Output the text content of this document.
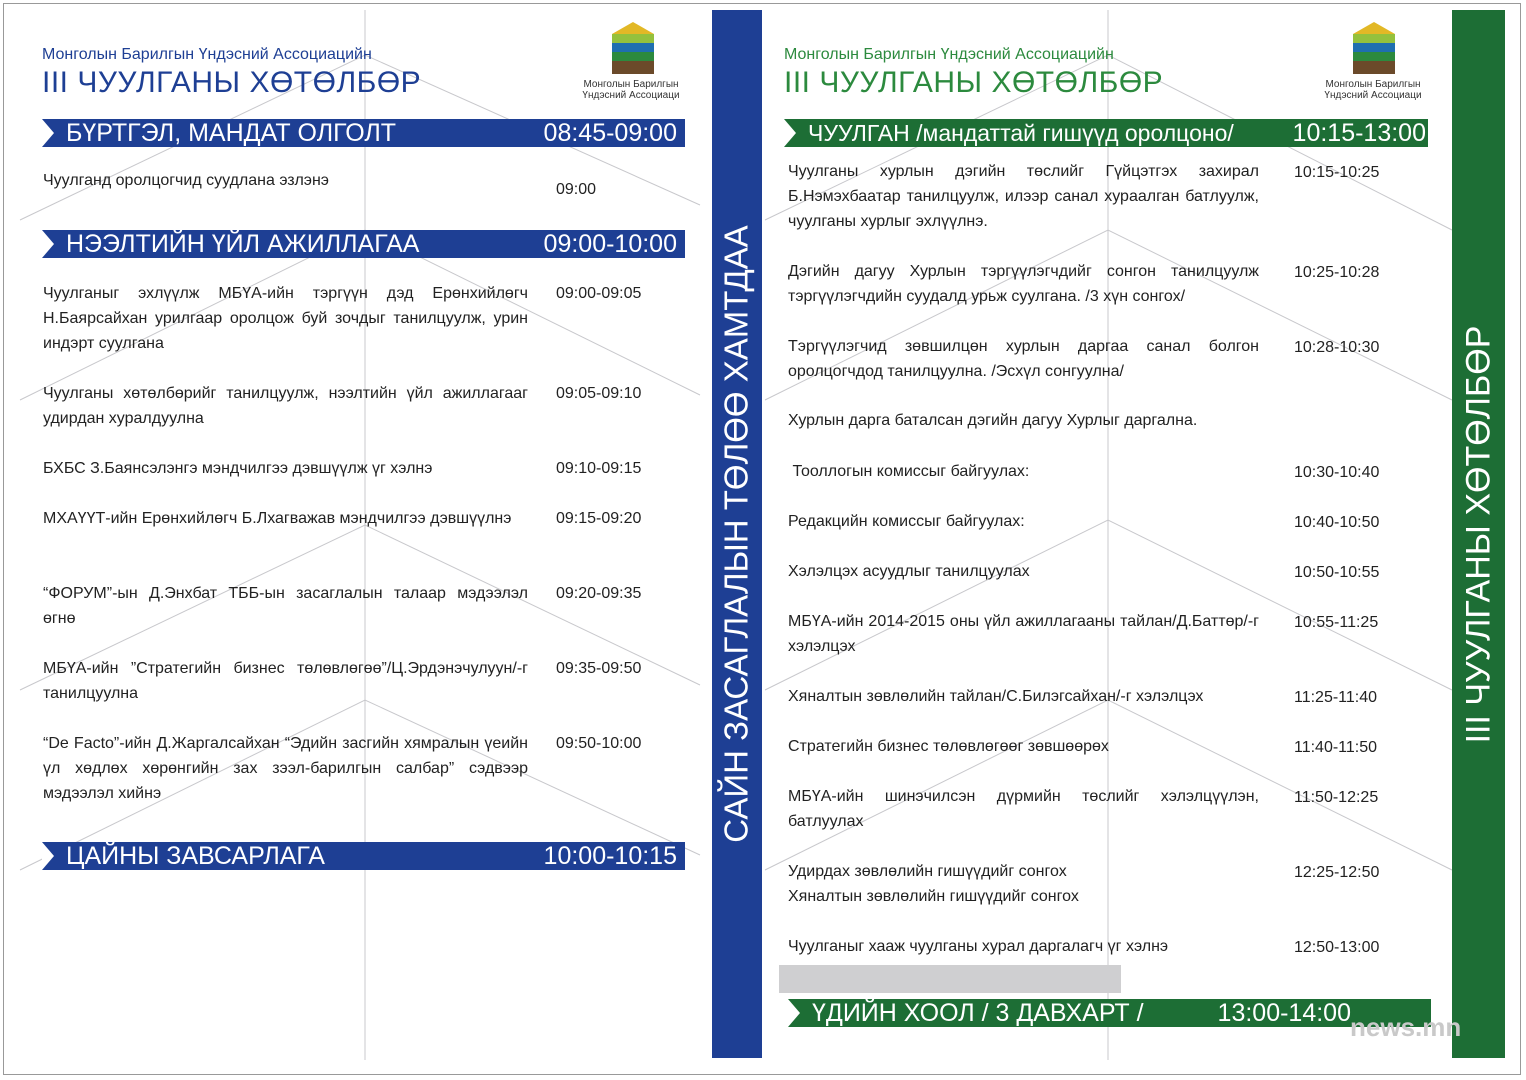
Монголын Барилгын Үндэсний Ассоциацийн
III ЧУУЛГАНЫ ХӨТӨЛБӨР	Монголын Барилгын
Үндэсний Ассоциаци
БҮРТГЭЛ, МАНДАТ ОЛГОЛТ	08:45-09:00
Чуулганд оролцогчид суудлана эзлэнэ
09:00
НЭЭЛТИЙН ҮЙЛ АЖИЛЛАГАА	09:00-10:00
Чуулганыг эхлүүлж МБҮА-ийн тэргүүн дэд Ерөнхийлөгч Н.Баярсайхан урилгаар оролцож буй зочдыг танилцуулж, урин индэрт суулгана
09:00-09:05
Чуулганы хөтөлбөрийг танилцуулж, нээлтийн үйл ажиллагааг удирдан хуралдуулна
09:05-09:10
БХБС З.Баянсэлэнгэ мэндчилгээ дэвшүүлж үг хэлнэ	09:10-09:15
МХАҮҮТ-ийн Ерөнхийлөгч Б.Лхагважав мэндчилгээ дэвшүүлнэ	09:15-09:20
“ФОРУМ”-ын Д.Энхбат ТББ-ын засаглалын талаар мэдээлэл өгнө
09:20-09:35
МБҮА-ийн ”Стратегийн бизнес төлөвлөгөө”/Ц.Эрдэнэчулуун/-г танилцуулна
09:35-09:50
“De Facto”-ийн Д.Жаргалсайхан “Эдийн засгийн хямралын үеийн үл хөдлөх хөрөнгийн зах зээл-барилгын салбар” сэдвээр мэдээлэл хийнэ
09:50-10:00
ЦАЙНЫ ЗАВСАРЛАГА	10:00-10:15
САЙН ЗАСАГЛАЛЫН ТӨЛӨӨ ХАМТДАА
Монголын Барилгын Үндэсний Ассоциацийн
III ЧУУЛГАНЫ ХӨТӨЛБӨР	Монголын Барилгын
Үндэсний Ассоциаци
ЧУУЛГАН /мандаттай гишүүд оролцоно/ 10:15-13:00
Чуулганы хурлын дэгийн төслийг Гүйцэтгэх захирал Б.Нэмэхбаатар танилцуулж, илээр санал хураалган батлуулж, чуулганы хурлыг эхлүүлнэ.
10:15-10:25
Дэгийн дагуу Хурлын тэргүүлэгчдийг сонгон танилцуулж тэргүүлэгчдийн суудалд урьж суулгана. /3 хүн сонгох/
10:25-10:28
Тэргүүлэгчид зөвшилцөн хурлын даргаа санал болгон оролцогчдод танилцуулна. /Эсхүл сонгуулна/
10:28-10:30
Хурлын дарга баталсан дэгийн дагуу Хурлыг даргална.
Тооллогын комиссыг байгуулах:	10:30-10:40
Редакцийн комиссыг байгуулах:	10:40-10:50
Хэлэлцэх асуудлыг танилцуулах	10:50-10:55
МБҮА-ийн 2014-2015 оны үйл ажиллагааны тайлан/Д.Баттөр/-г хэлэлцэх
10:55-11:25
Хяналтын зөвлөлийн тайлан/С.Билэгсайхан/-г хэлэлцэх	11:25-11:40
Стратегийн бизнес төлөвлөгөөг зөвшөөрөх	11:40-11:50
МБҮА-ийн шинэчилсэн дүрмийн төслийг хэлэлцүүлэн, батлуулах
11:50-12:25
Удирдах зөвлөлийн гишүүдийг сонгох
Хяналтын зөвлөлийн гишүүдийг сонгох
12:25-12:50
Чуулганыг хааж чуулганы хурал даргалагч үг хэлнэ	12:50-13:00
ҮДИЙН ХООЛ / 3 ДАВХАРТ /	13:00-14:00
III ЧУУЛГАНЫ ХӨТӨЛБӨР
news.mn
